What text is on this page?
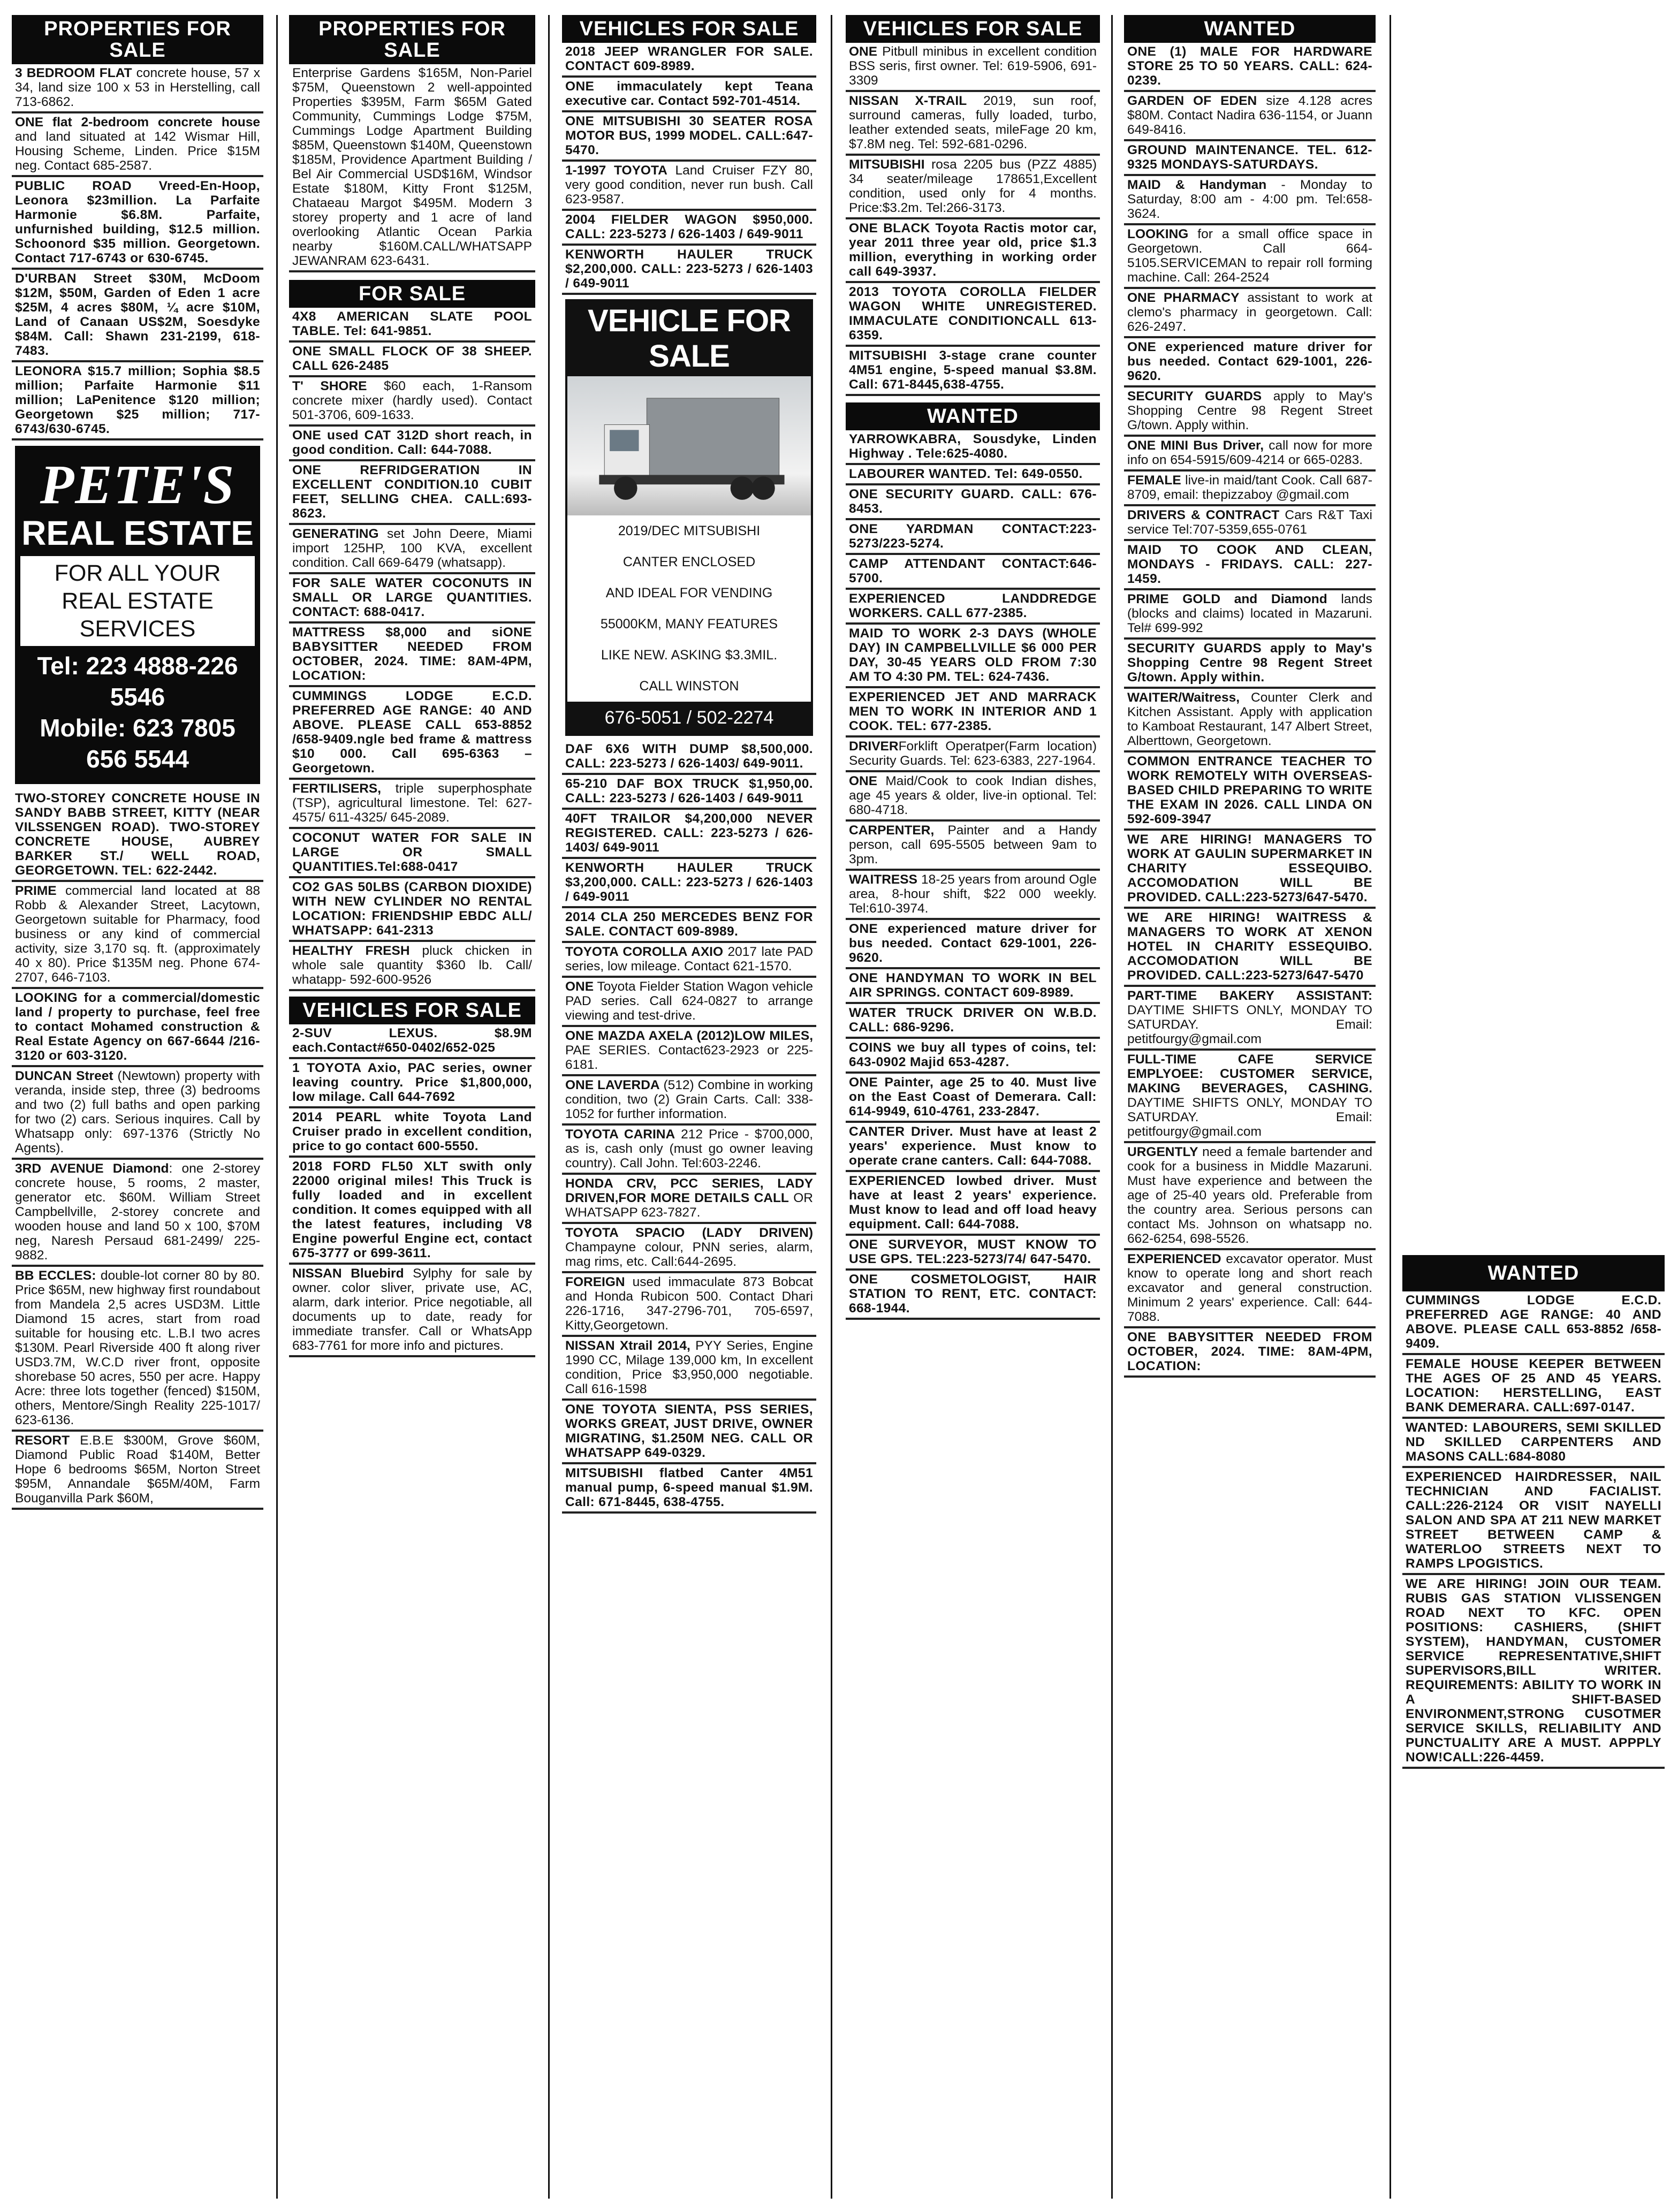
PROPERTIES FOR SALE
3 BEDROOM FLAT concrete house, 57 x 34, land size 100 x 53 in Herstelling, call 713-6862.
ONE flat 2-bedroom concrete house and land situated at 142 Wismar Hill, Housing Scheme, Linden. Price $15M neg. Contact 685-2587.
PUBLIC ROAD Vreed-En-Hoop, Leonora $23million. La Parfaite Harmonie $6.8M. Parfaite, unfurnished building, $12.5 million. Schoonord $35 million. Georgetown. Contact 717-6743 or 630-6745.
D'URBAN Street $30M, McDoom $12M, $50M, Garden of Eden 1 acre $25M, 4 acres $80M, ¼ acre $10M, Land of Canaan US$2M, Soesdyke $84M. Call: Shawn 231-2199, 618-7483.
LEONORA $15.7 million; Sophia $8.5 million; Parfaite Harmonie $11 million; LaPenitence $120 million; Georgetown $25 million; 717-6743/630-6745.
PETE'S
REAL ESTATE
FOR ALL YOUR REAL ESTATE SERVICES
Tel: 223 4888-226 5546
Mobile: 623 7805 656 5544
TWO-STOREY CONCRETE HOUSE IN SANDY BABB STREET, KITTY (NEAR VILSSENGEN ROAD). TWO-STOREY CONCRETE HOUSE, AUBREY BARKER ST./ WELL ROAD, GEORGETOWN. TEL: 622-2442.
PRIME commercial land located at 88 Robb & Alexander Street, Lacytown, Georgetown suitable for Pharmacy, food business or any kind of commercial activity, size 3,170 sq. ft. (approximately 40 x 80). Price $135M neg. Phone 674-2707, 646-7103.
LOOKING for a commercial/domestic land / property to purchase, feel free to contact Mohamed construction & Real Estate Agency on 667-6644 /216-3120 or 603-3120.
DUNCAN Street (Newtown) property with veranda, inside step, three (3) bedrooms and two (2) full baths and open parking for two (2) cars. Serious inquires. Call by Whatsapp only: 697-1376 (Strictly No Agents).
3RD AVENUE Diamond: one 2-storey concrete house, 5 rooms, 2 master, generator etc. $60M. William Street Campbellville, 2-storey concrete and wooden house and land 50 x 100, $70M neg, Naresh Persaud 681-2499/ 225-9882.
BB ECCLES: double-lot corner 80 by 80. Price $65M, new highway first roundabout from Mandela 2,5 acres USD3M. Little Diamond 15 acres, start from road suitable for housing etc. L.B.I two acres $130M. Pearl Riverside 400 ft along river USD3.7M, W.C.D river front, opposite shorebase 50 acres, 550 per acre. Happy Acre: three lots together (fenced) $150M, others, Mentore/Singh Reality 225-1017/ 623-6136.
RESORT E.B.E $300M, Grove $60M, Diamond Public Road $140M, Better Hope 6 bedrooms $65M, Norton Street $95M, Annandale $65M/40M, Farm Bouganvilla Park $60M,
PROPERTIES FOR SALE
Enterprise Gardens $165M, Non-Pariel $75M, Queenstown 2 well-appointed Properties $395M, Farm $65M Gated Community, Cummings Lodge $75M, Cummings Lodge Apartment Building $85M, Queenstown $140M, Queenstown $185M, Providence Apartment Building / Bel Air Commercial USD$16M, Windsor Estate $180M, Kitty Front $125M, Chataeau Margot $495M. Modern 3 storey property and 1 acre of land overlooking Atlantic Ocean Parkia nearby $160M.CALL/WHATSAPP JEWANRAM 623-6431.
FOR SALE
4X8 AMERICAN SLATE POOL TABLE. Tel: 641-9851.
ONE SMALL FLOCK OF 38 SHEEP. CALL 626-2485
T' SHORE $60 each, 1-Ransom concrete mixer (hardly used). Contact 501-3706, 609-1633.
ONE used CAT 312D short reach, in good condition. Call: 644-7088.
ONE REFRIDGERATION IN EXCELLENT CONDITION.10 CUBIT FEET, SELLING CHEA. CALL:693-8623.
GENERATING set John Deere, Miami import 125HP, 100 KVA, excellent condition. Call 669-6479 (whatsapp).
FOR SALE WATER COCONUTS IN SMALL OR LARGE QUANTITIES. CONTACT: 688-0417.
MATTRESS $8,000 and siONE BABYSITTER NEEDED FROM OCTOBER, 2024. TIME: 8AM-4PM, LOCATION:
CUMMINGS LODGE E.C.D. PREFERRED AGE RANGE: 40 AND ABOVE. PLEASE CALL 653-8852 /658-9409.ngle bed frame & mattress $10 000. Call 695-6363 – Georgetown.
FERTILISERS, triple superphosphate (TSP), agricultural limestone. Tel: 627-4575/ 611-4325/ 645-2089.
COCONUT WATER FOR SALE IN LARGE OR SMALL QUANTITIES.Tel:688-0417
CO2 GAS 50LBS (CARBON DIOXIDE) WITH NEW CYLINDER NO RENTAL LOCATION: FRIENDSHIP EBDC ALL/ WHATSAPP: 641-2313
HEALTHY FRESH pluck chicken in whole sale quantity $360 lb. Call/ whatapp- 592-600-9526
VEHICLES FOR SALE
2-SUV LEXUS. $8.9M each.Contact#650-0402/652-025
1 TOYOTA Axio, PAC series, owner leaving country. Price $1,800,000, low milage. Call 644-7692
2014 PEARL white Toyota Land Cruiser prado in excellent condition, price to go contact 600-5550.
2018 FORD FL50 XLT swith only 22000 original miles! This Truck is fully loaded and in excellent condition. It comes equipped with all the latest features, including V8 Engine powerful Engine ect, contact 675-3777 or 699-3611.
NISSAN Bluebird Sylphy for sale by owner. color sliver, private use, AC, alarm, dark interior. Price negotiable, all documents up to date, ready for immediate transfer. Call or WhatsApp 683-7761 for more info and pictures.
VEHICLES FOR SALE
2018 JEEP WRANGLER FOR SALE. CONTACT 609-8989.
ONE immaculately kept Teana executive car. Contact 592-701-4514.
ONE MITSUBISHI 30 SEATER ROSA MOTOR BUS, 1999 MODEL. CALL:647-5470.
1-1997 TOYOTA Land Cruiser FZY 80, very good condition, never run bush. Call 623-9587.
2004 FIELDER WAGON $950,000. CALL: 223-5273 / 626-1403 / 649-9011
KENWORTH HAULER TRUCK $2,200,000. CALL: 223-5273 / 626-1403 / 649-9011
VEHICLE FOR SALE
2019/DEC MITSUBISHI
CANTER ENCLOSED
AND IDEAL FOR VENDING
55000KM, MANY FEATURES
LIKE NEW. ASKING $3.3MIL.
CALL WINSTON
676-5051 / 502-2274
DAF 6X6 WITH DUMP $8,500,000. CALL: 223-5273 / 626-1403/ 649-9011.
65-210 DAF BOX TRUCK $1,950,00. CALL: 223-5273 / 626-1403 / 649-9011
40FT TRAILOR $4,200,000 NEVER REGISTERED. CALL: 223-5273 / 626-1403/ 649-9011
KENWORTH HAULER TRUCK $3,200,000. CALL: 223-5273 / 626-1403 / 649-9011
2014 CLA 250 MERCEDES BENZ FOR SALE. CONTACT 609-8989.
TOYOTA COROLLA AXIO 2017 late PAD series, low mileage. Contact 621-1570.
ONE Toyota Fielder Station Wagon vehicle PAD series. Call 624-0827 to arrange viewing and test-drive.
ONE MAZDA AXELA (2012)LOW MILES, PAE SERIES. Contact623-2923 or 225-6181.
ONE LAVERDA (512) Combine in working condition, two (2) Grain Carts. Call: 338-1052 for further information.
TOYOTA CARINA 212 Price - $700,000, as is, cash only (must go owner leaving country). Call John. Tel:603-2246.
HONDA CRV, PCC SERIES, LADY DRIVEN,FOR MORE DETAILS CALL OR WHATSAPP 623-7827.
TOYOTA SPACIO (LADY DRIVEN) Champayne colour, PNN series, alarm, mag rims, etc. Call:644-2695.
FOREIGN used immaculate 873 Bobcat and Honda Rubicon 500. Contact Dhari 226-1716, 347-2796-701, 705-6597, Kitty,Georgetown.
NISSAN Xtrail 2014, PYY Series, Engine 1990 CC, Milage 139,000 km, In excellent condition, Price $3,950,000 negotiable. Call 616-1598
ONE TOYOTA SIENTA, PSS SERIES, WORKS GREAT, JUST DRIVE, OWNER MIGRATING, $1.250M NEG. CALL OR WHATSAPP 649-0329.
MITSUBISHI flatbed Canter 4M51 manual pump, 6-speed manual $1.9M. Call: 671-8445, 638-4755.
VEHICLES FOR SALE
ONE Pitbull minibus in excellent condition BSS seris, first owner. Tel: 619-5906, 691-3309
NISSAN X-TRAIL 2019, sun roof, surround cameras, fully loaded, turbo, leather extended seats, mileFage 20 km, $7.8M neg. Tel: 592-681-0296.
MITSUBISHI rosa 2205 bus (PZZ 4885) 34 seater/mileage 178651,Excellent condition, used only for 4 months. Price:$3.2m. Tel:266-3173.
ONE BLACK Toyota Ractis motor car, year 2011 three year old, price $1.3 million, everything in working order call 649-3937.
2013 TOYOTA COROLLA FIELDER WAGON WHITE UNREGISTERED. IMMACULATE CONDITIONCALL 613-6359.
MITSUBISHI 3-stage crane counter 4M51 engine, 5-speed manual $3.8M. Call: 671-8445,638-4755.
WANTED
YARROWKABRA, Sousdyke, Linden Highway . Tele:625-4080.
LABOURER WANTED. Tel: 649-0550.
ONE SECURITY GUARD. CALL: 676-8453.
ONE YARDMAN CONTACT:223-5273/223-5274.
CAMP ATTENDANT CONTACT:646-5700.
EXPERIENCED LANDDREDGE WORKERS. CALL 677-2385.
MAID TO WORK 2-3 DAYS (WHOLE DAY) IN CAMPBELLVILLE $6 000 PER DAY, 30-45 YEARS OLD FROM 7:30 AM TO 4:30 PM. TEL: 624-7436.
EXPERIENCED JET AND MARRACK MEN TO WORK IN INTERIOR AND 1 COOK. TEL: 677-2385.
DRIVERForklift Operatper(Farm location) Security Guards. Tel: 623-6383, 227-1964.
ONE Maid/Cook to cook Indian dishes, age 45 years & older, live-in optional. Tel: 680-4718.
CARPENTER, Painter and a Handy person, call 695-5505 between 9am to 3pm.
WAITRESS 18-25 years from around Ogle area, 8-hour shift, $22 000 weekly. Tel:610-3974.
ONE experienced mature driver for bus needed. Contact 629-1001, 226-9620.
ONE HANDYMAN TO WORK IN BEL AIR SPRINGS. CONTACT 609-8989.
WATER TRUCK DRIVER ON W.B.D. CALL: 686-9296.
COINS we buy all types of coins, tel: 643-0902 Majid 653-4287.
ONE Painter, age 25 to 40. Must live on the East Coast of Demerara. Call: 614-9949, 610-4761, 233-2847.
CANTER Driver. Must have at least 2 years' experience. Must know to operate crane canters. Call: 644-7088.
EXPERIENCED lowbed driver. Must have at least 2 years' experience. Must know to lead and off load heavy equipment. Call: 644-7088.
ONE SURVEYOR, MUST KNOW TO USE GPS. TEL:223-5273/74/ 647-5470.
ONE COSMETOLOGIST, HAIR STATION TO RENT, ETC. CONTACT: 668-1944.
WANTED
ONE (1) MALE FOR HARDWARE STORE 25 TO 50 YEARS. CALL: 624-0239.
GARDEN OF EDEN size 4.128 acres $80M. Contact Nadira 636-1154, or Juann 649-8416.
GROUND MAINTENANCE. TEL. 612-9325 MONDAYS-SATURDAYS.
MAID & Handyman - Monday to Saturday, 8:00 am - 4:00 pm. Tel:658-3624.
LOOKING for a small office space in Georgetown. Call 664-5105.SERVICEMAN to repair roll forming machine. Call: 264-2524
ONE PHARMACY assistant to work at clemo's pharmacy in georgetown. Call: 626-2497.
ONE experienced mature driver for bus needed. Contact 629-1001, 226-9620.
SECURITY GUARDS apply to May's Shopping Centre 98 Regent Street G/town. Apply within.
ONE MINI Bus Driver, call now for more info on 654-5915/609-4214 or 665-0283.
FEMALE live-in maid/tant Cook. Call 687-8709, email: thepizzaboy @gmail.com
DRIVERS & CONTRACT Cars R&T Taxi service Tel:707-5359,655-0761
MAID TO COOK AND CLEAN, MONDAYS - FRIDAYS. CALL: 227-1459.
PRIME GOLD and Diamond lands (blocks and claims) located in Mazaruni. Tel# 699-992
SECURITY GUARDS apply to May's Shopping Centre 98 Regent Street G/town. Apply within.
WAITER/Waitress, Counter Clerk and Kitchen Assistant. Apply with application to Kamboat Restaurant, 147 Albert Street, Alberttown, Georgetown.
COMMON ENTRANCE TEACHER TO WORK REMOTELY WITH OVERSEAS-BASED CHILD PREPARING TO WRITE THE EXAM IN 2026. CALL LINDA ON 592-609-3947
WE ARE HIRING! MANAGERS TO WORK AT GAULIN SUPERMARKET IN CHARITY ESSEQUIBO. ACCOMODATION WILL BE PROVIDED. CALL:223-5273/647-5470.
WE ARE HIRING! WAITRESS & MANAGERS TO WORK AT XENON HOTEL IN CHARITY ESSEQUIBO. ACCOMODATION WILL BE PROVIDED. CALL:223-5273/647-5470
PART-TIME BAKERY ASSISTANT: DAYTIME SHIFTS ONLY, MONDAY TO SATURDAY. Email: petitfourgy@gmail.com
FULL-TIME CAFE SERVICE EMPLYOEE: CUSTOMER SERVICE, MAKING BEVERAGES, CASHING. DAYTIME SHIFTS ONLY, MONDAY TO SATURDAY. Email: petitfourgy@gmail.com
URGENTLY need a female bartender and cook for a business in Middle Mazaruni. Must have experience and between the age of 25-40 years old. Preferable from the country area. Serious persons can contact Ms. Johnson on whatsapp no. 662-6254, 698-5526.
EXPERIENCED excavator operator. Must know to operate long and short reach excavator and general construction. Minimum 2 years' experience. Call: 644-7088.
ONE BABYSITTER NEEDED FROM OCTOBER, 2024. TIME: 8AM-4PM, LOCATION:
WANTED
CUMMINGS LODGE E.C.D. PREFERRED AGE RANGE: 40 AND ABOVE. PLEASE CALL 653-8852 /658-9409.
FEMALE HOUSE KEEPER BETWEEN THE AGES OF 25 AND 45 YEARS. LOCATION: HERSTELLING, EAST BANK DEMERARA. CALL:697-0147.
WANTED: LABOURERS, SEMI SKILLED ND SKILLED CARPENTERS AND MASONS CALL:684-8080
EXPERIENCED HAIRDRESSER, NAIL TECHNICIAN AND FACIALIST. CALL:226-2124 OR VISIT NAYELLI SALON AND SPA AT 211 NEW MARKET STREET BETWEEN CAMP & WATERLOO STREETS NEXT TO RAMPS LPOGISTICS.
WE ARE HIRING! JOIN OUR TEAM. RUBIS GAS STATION VLISSENGEN ROAD NEXT TO KFC. OPEN POSITIONS: CASHIERS, (SHIFT SYSTEM), HANDYMAN, CUSTOMER SERVICE REPRESENTATIVE,SHIFT SUPERVISORS,BILL WRITER. REQUIREMENTS: ABILITY TO WORK IN A SHIFT-BASED ENVIRONMENT,STRONG CUSOTMER SERVICE SKILLS, RELIABILITY AND PUNCTUALITY ARE A MUST. APPPLY NOW!CALL:226-4459.
